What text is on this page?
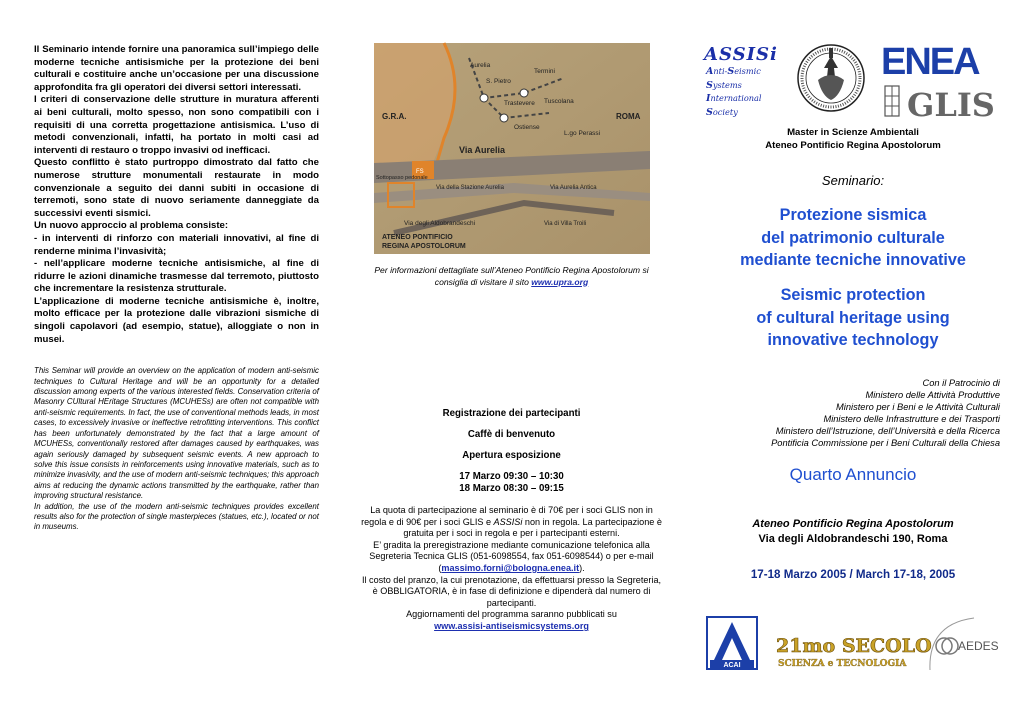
Il Seminario intende fornire una panoramica sull’impiego delle moderne tecniche antisismiche per la protezione dei beni culturali e costituire anche un’occasione per una discussione approfondita fra gli operatori dei diversi settori interessati.

I criteri di conservazione delle strutture in muratura afferenti ai beni culturali, molto spesso, non sono compatibili con i requisiti di una corretta progettazione antisismica. L’uso di metodi convenzionali, infatti, ha portato in molti casi ad interventi di restauro o troppo invasivi od inefficaci.

Questo conflitto è stato purtroppo dimostrato dal fatto che numerose strutture monumentali restaurate in modo convenzionale a seguito dei danni subiti in occasione di terremoti, sono state di nuovo seriamente danneggiate da successivi eventi sismici.

Un nuovo approccio al problema consiste:

- in interventi di rinforzo con materiali innovativi, al fine di renderne minima l’invasività;

- nell’applicare moderne tecniche antisismiche, al fine di ridurre le azioni dinamiche trasmesse dal terremoto, piuttosto che incrementare la resistenza strutturale.

L’applicazione di moderne tecniche antisismiche è, inoltre, molto efficace per la protezione dalle vibrazioni sismiche di singoli capolavori (ad esempio, statue), alloggiate o non in musei.

This Seminar will provide an overview on the application of modern anti-seismic techniques to Cultural Heritage and will be an opportunity for a detailed discussion among experts of the various interested fields. Conservation criteria of Masonry CUltural HEritage Structures (MCUHESs) are often not compatible with anti-seismic requirements. In fact, the use of conventional methods leads, in most cases, to excessively invasive or ineffective retrofitting interventions. This conflict has been unfortunately demonstrated by the fact that a large amount of MCUHESs, conventionally restored after damages caused by earthquakes, was again seriously damaged by subsequent seismic events. A new approach to solve this issue consists in reinforcements using innovative materials, such as to minimize invasivity, and the use of modern anti-seismic techniques; this approach aims at reducing the dynamic actions transmitted by the earthquake, rather than improving structural resistance.

In addition, the use of the modern anti-seismic techniques provides excellent results also for the protection of single masterpieces (statues, etc.), located or not in museums.

Aurelia
S. Pietro
Trastevere
Termini
Ostiense
Tuscolana
G.R.A.
Via Aurelia
ROMA
L.go Perassi
Sottopasso pedonale
FS
Via della Stazione Aurelia	Via Aurelia Antica
Via degli Aldobrandeschi	Via di Villa Troili
ATENEO PONTIFICIO
REGINA APOSTOLORUM
Per informazioni dettagliate sull’Ateneo Pontificio Regina Apostolorum si consiglia di visitare il sito www.upra.org
Registrazione dei partecipanti
Caffè di benvenuto
Apertura esposizione
17 Marzo 09:30 – 10:30
18 Marzo 08:30 – 09:15
La quota di partecipazione al seminario è di 70€ per i soci GLIS non in regola e di 90€ per i soci GLIS e ASSISi non in regola. La partecipazione è gratuita per i soci in regola e per i partecipanti esterni.
E’ gradita la preregistrazione mediante comunicazione telefonica alla Segreteria Tecnica GLIS (051-6098554, fax 051-6098544) o per e-mail (massimo.forni@bologna.enea.it).
Il costo del pranzo, la cui prenotazione, da effettuarsi presso la Segreteria, è OBBLIGATORIA, è in fase di definizione e dipenderà dal numero di partecipanti.
Aggiornamenti del programma saranno pubblicati su
www.assisi-antiseismicsystems.org
ASSISi
Anti-Seismic
Systems
International
Society
ENEA
GLIS
Master in Scienze Ambientali
Ateneo Pontificio Regina Apostolorum
Seminario:
Protezione sismica
del patrimonio culturale
mediante tecniche innovative
Seismic protection
of cultural heritage using
innovative technology
Con il Patrocinio di
Ministero delle Attività Produttive
Ministero per i Beni e le Attività Culturali
Ministero delle Infrastrutture e dei Trasporti
Ministero dell’Istruzione, dell’Università e della Ricerca
Pontificia Commissione per i Beni Culturali della Chiesa
Quarto Annuncio
Ateneo Pontificio Regina Apostolorum
Via degli Aldobrandeschi 190, Roma
17-18 Marzo 2005 / March 17-18, 2005
ACAI
21mo SECOLO
SCIENZA e TECNOLOGIA
AEDES
